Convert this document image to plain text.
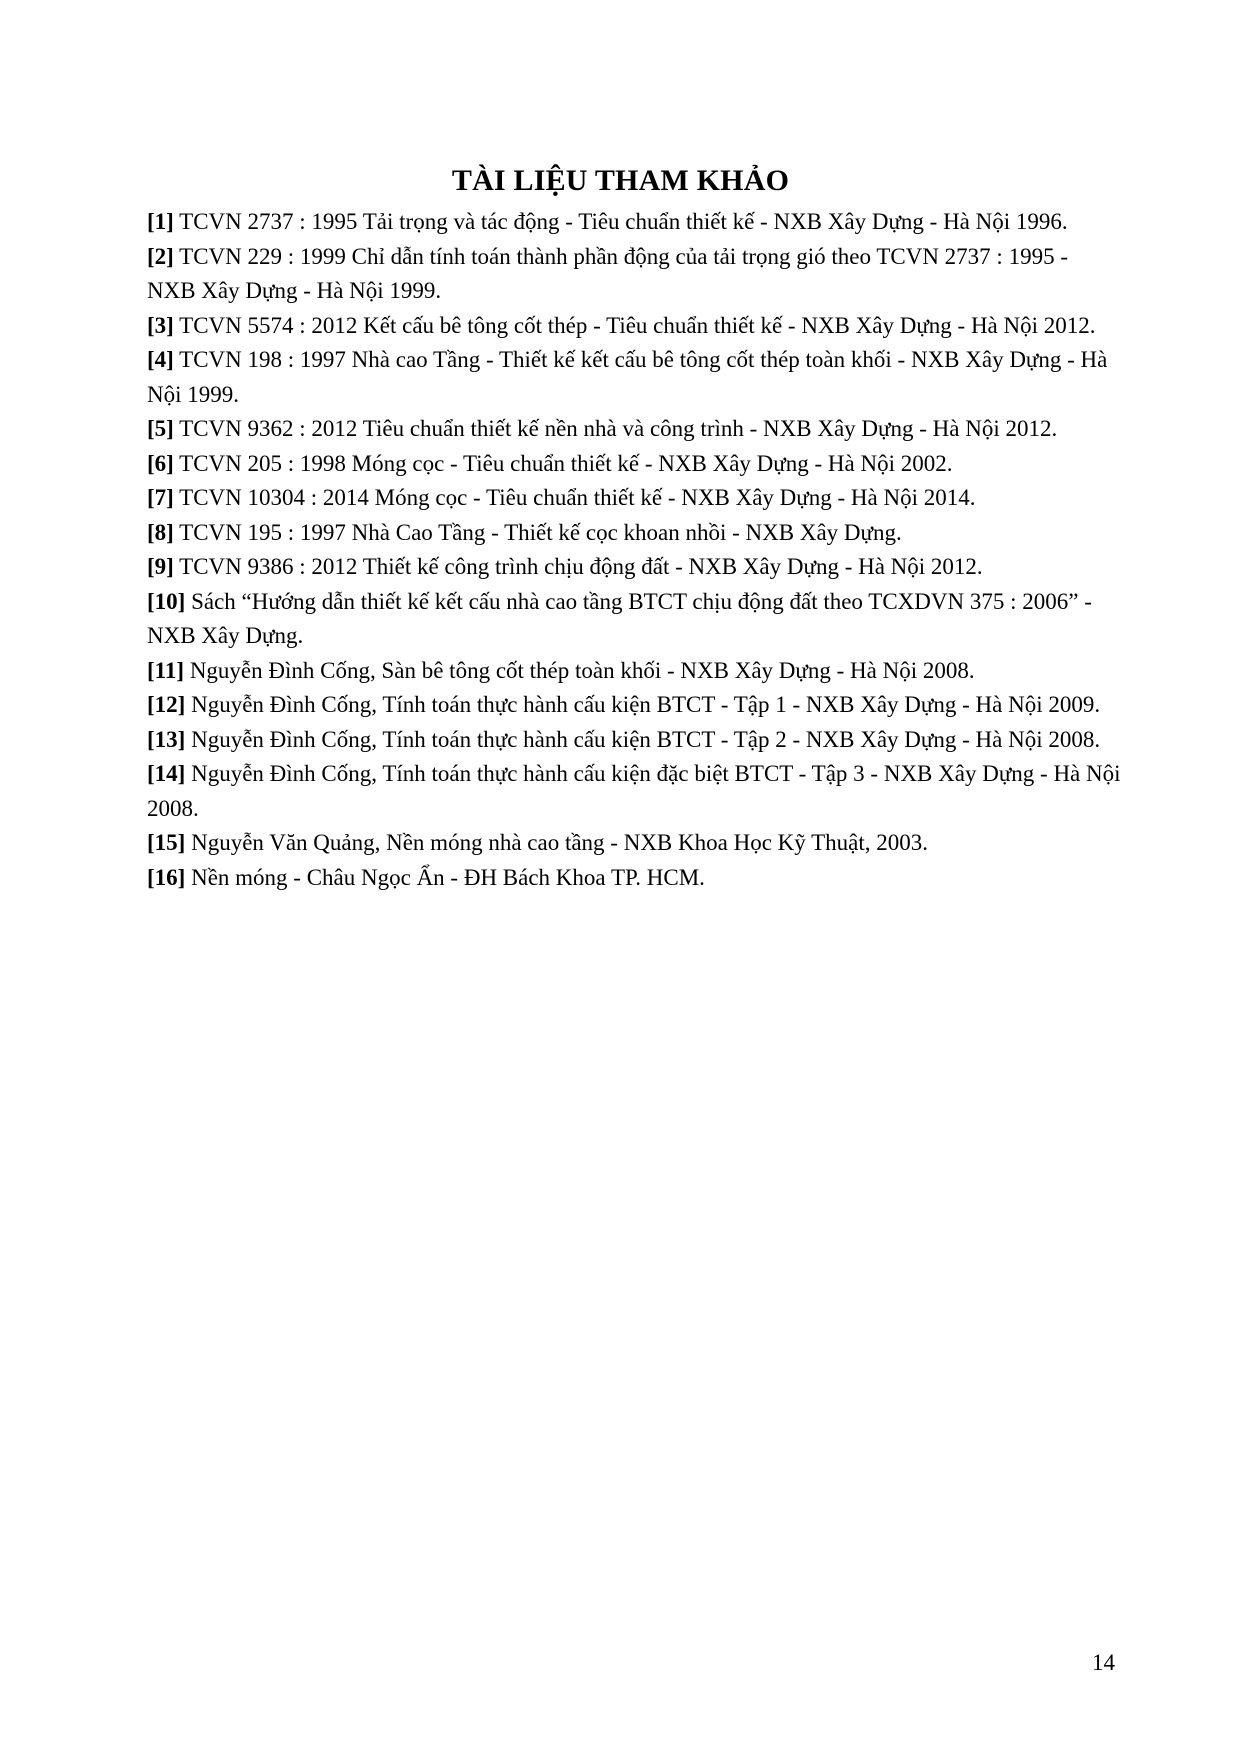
TÀI LIỆU THAM KHẢO

[1] TCVN 2737 : 1995 Tải trọng và tác động - Tiêu chuẩn thiết kế - NXB Xây Dựng - Hà Nội 1996.

[2] TCVN 229 : 1999 Chỉ dẫn tính toán thành phần động của tải trọng gió theo TCVN 2737 : 1995 - NXB Xây Dựng - Hà Nội 1999.

[3] TCVN 5574 : 2012 Kết cấu bê tông cốt thép - Tiêu chuẩn thiết kế - NXB Xây Dựng - Hà Nội 2012.

[4] TCVN 198 : 1997 Nhà cao Tầng - Thiết kế kết cấu bê tông cốt thép toàn khối - NXB Xây Dựng - Hà Nội 1999.

[5] TCVN 9362 : 2012 Tiêu chuẩn thiết kế nền nhà và công trình - NXB Xây Dựng - Hà Nội 2012.

[6] TCVN 205 : 1998 Móng cọc - Tiêu chuẩn thiết kế - NXB Xây Dựng - Hà Nội 2002.

[7] TCVN 10304 : 2014 Móng cọc - Tiêu chuẩn thiết kế - NXB Xây Dựng - Hà Nội 2014.

[8] TCVN 195 : 1997 Nhà Cao Tầng - Thiết kế cọc khoan nhồi - NXB Xây Dựng.

[9] TCVN 9386 : 2012 Thiết kế công trình chịu động đất - NXB Xây Dựng - Hà Nội 2012.

[10] Sách “Hướng dẫn thiết kế kết cấu nhà cao tầng BTCT chịu động đất theo TCXDVN 375 : 2006” - NXB Xây Dựng.

[11] Nguyễn Đình Cống, Sàn bê tông cốt thép toàn khối - NXB Xây Dựng - Hà Nội 2008.

[12] Nguyễn Đình Cống, Tính toán thực hành cấu kiện BTCT - Tập 1 - NXB Xây Dựng - Hà Nội 2009.

[13] Nguyễn Đình Cống, Tính toán thực hành cấu kiện BTCT - Tập 2 - NXB Xây Dựng - Hà Nội 2008.

[14] Nguyễn Đình Cống, Tính toán thực hành cấu kiện đặc biệt BTCT - Tập 3 - NXB Xây Dựng - Hà Nội 2008.

[15] Nguyễn Văn Quảng, Nền móng nhà cao tầng - NXB Khoa Học Kỹ Thuật, 2003.

[16] Nền móng - Châu Ngọc Ẩn - ĐH Bách Khoa TP. HCM.

14
